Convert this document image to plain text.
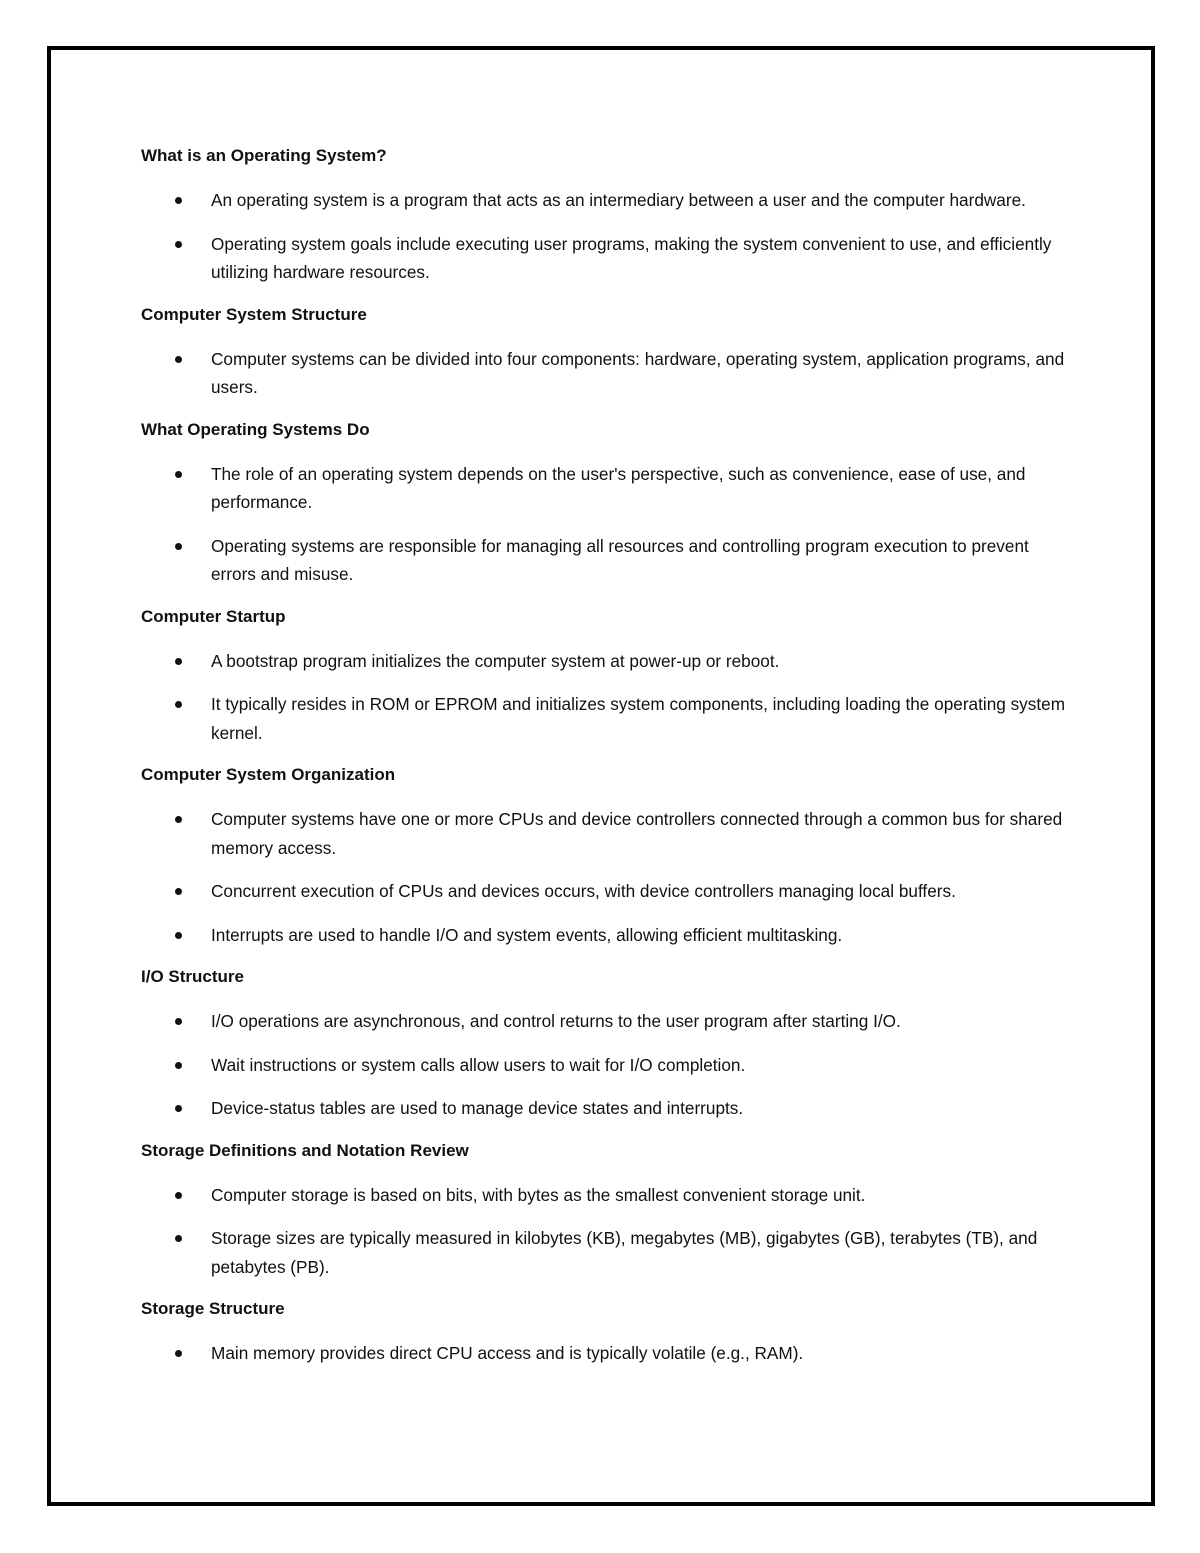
What is an Operating System?
An operating system is a program that acts as an intermediary between a user and the computer hardware.
Operating system goals include executing user programs, making the system convenient to use, and efficiently utilizing hardware resources.
Computer System Structure
Computer systems can be divided into four components: hardware, operating system, application programs, and users.
What Operating Systems Do
The role of an operating system depends on the user's perspective, such as convenience, ease of use, and performance.
Operating systems are responsible for managing all resources and controlling program execution to prevent errors and misuse.
Computer Startup
A bootstrap program initializes the computer system at power-up or reboot.
It typically resides in ROM or EPROM and initializes system components, including loading the operating system kernel.
Computer System Organization
Computer systems have one or more CPUs and device controllers connected through a common bus for shared memory access.
Concurrent execution of CPUs and devices occurs, with device controllers managing local buffers.
Interrupts are used to handle I/O and system events, allowing efficient multitasking.
I/O Structure
I/O operations are asynchronous, and control returns to the user program after starting I/O.
Wait instructions or system calls allow users to wait for I/O completion.
Device-status tables are used to manage device states and interrupts.
Storage Definitions and Notation Review
Computer storage is based on bits, with bytes as the smallest convenient storage unit.
Storage sizes are typically measured in kilobytes (KB), megabytes (MB), gigabytes (GB), terabytes (TB), and petabytes (PB).
Storage Structure
Main memory provides direct CPU access and is typically volatile (e.g., RAM).
